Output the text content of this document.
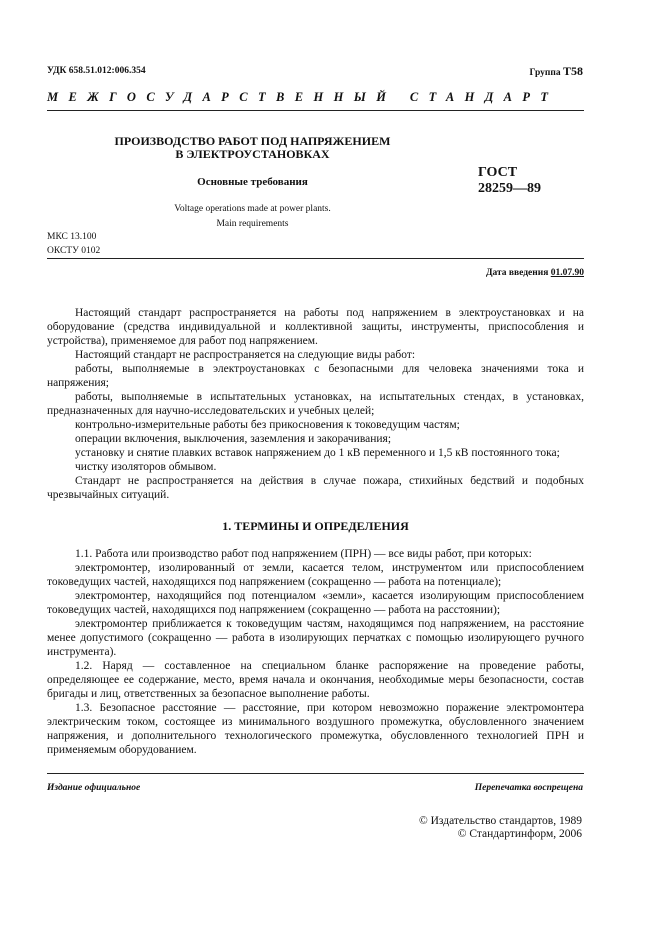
УДК 658.51.012:006.354	Группа T58
МЕЖГОСУДАРСТВЕННЫЙ СТАНДАРТ
ПРОИЗВОДСТВО РАБОТ ПОД НАПРЯЖЕНИЕМ
В ЭЛЕКТРОУСТАНОВКАХ
Основные требования
ГОСТ
28259—89
Voltage operations made at power plants.
Main requirements
МКС 13.100
ОКСТУ 0102
Дата введения 01.07.90

Настоящий стандарт распространяется на работы под напряжением в электроустановках и на оборудование (средства индивидуальной и коллективной защиты, инструменты, приспособления и устройства), применяемое для работ под напряжением.

Настоящий стандарт не распространяется на следующие виды работ:

работы, выполняемые в электроустановках с безопасными для человека значениями тока и напряжения;

работы, выполняемые в испытательных установках, на испытательных стендах, в установках, предназначенных для научно-исследовательских и учебных целей;

контрольно-измерительные работы без прикосновения к токоведущим частям;

операции включения, выключения, заземления и закорачивания;

установку и снятие плавких вставок напряжением до 1 кВ переменного и 1,5 кВ постоянного тока;

чистку изоляторов обмывом.

Стандарт не распространяется на действия в случае пожара, стихийных бедствий и подобных чрезвычайных ситуаций.

1. ТЕРМИНЫ И ОПРЕДЕЛЕНИЯ

1.1. Работа или производство работ под напряжением (ПРН) — все виды работ, при которых:

электромонтер, изолированный от земли, касается телом, инструментом или приспособлением токоведущих частей, находящихся под напряжением (сокращенно — работа на потенциале);

электромонтер, находящийся под потенциалом «земли», касается изолирующим приспособлением токоведущих частей, находящихся под напряжением (сокращенно — работа на расстоянии);

электромонтер приближается к токоведущим частям, находящимся под напряжением, на расстояние менее допустимого (сокращенно — работа в изолирующих перчатках с помощью изолирующего ручного инструмента).

1.2. Наряд — составленное на специальном бланке распоряжение на проведение работы, определяющее ее содержание, место, время начала и окончания, необходимые меры безопасности, состав бригады и лиц, ответственных за безопасное выполнение работы.

1.3. Безопасное расстояние — расстояние, при котором невозможно поражение электромонтера электрическим током, состоящее из минимального воздушного промежутка, обусловленного значением напряжения, и дополнительного технологического промежутка, обусловленного технологией ПРН и применяемым оборудованием.

Издание официальное	Перепечатка воспрещена
© Издательство стандартов, 1989
© Стандартинформ, 2006
